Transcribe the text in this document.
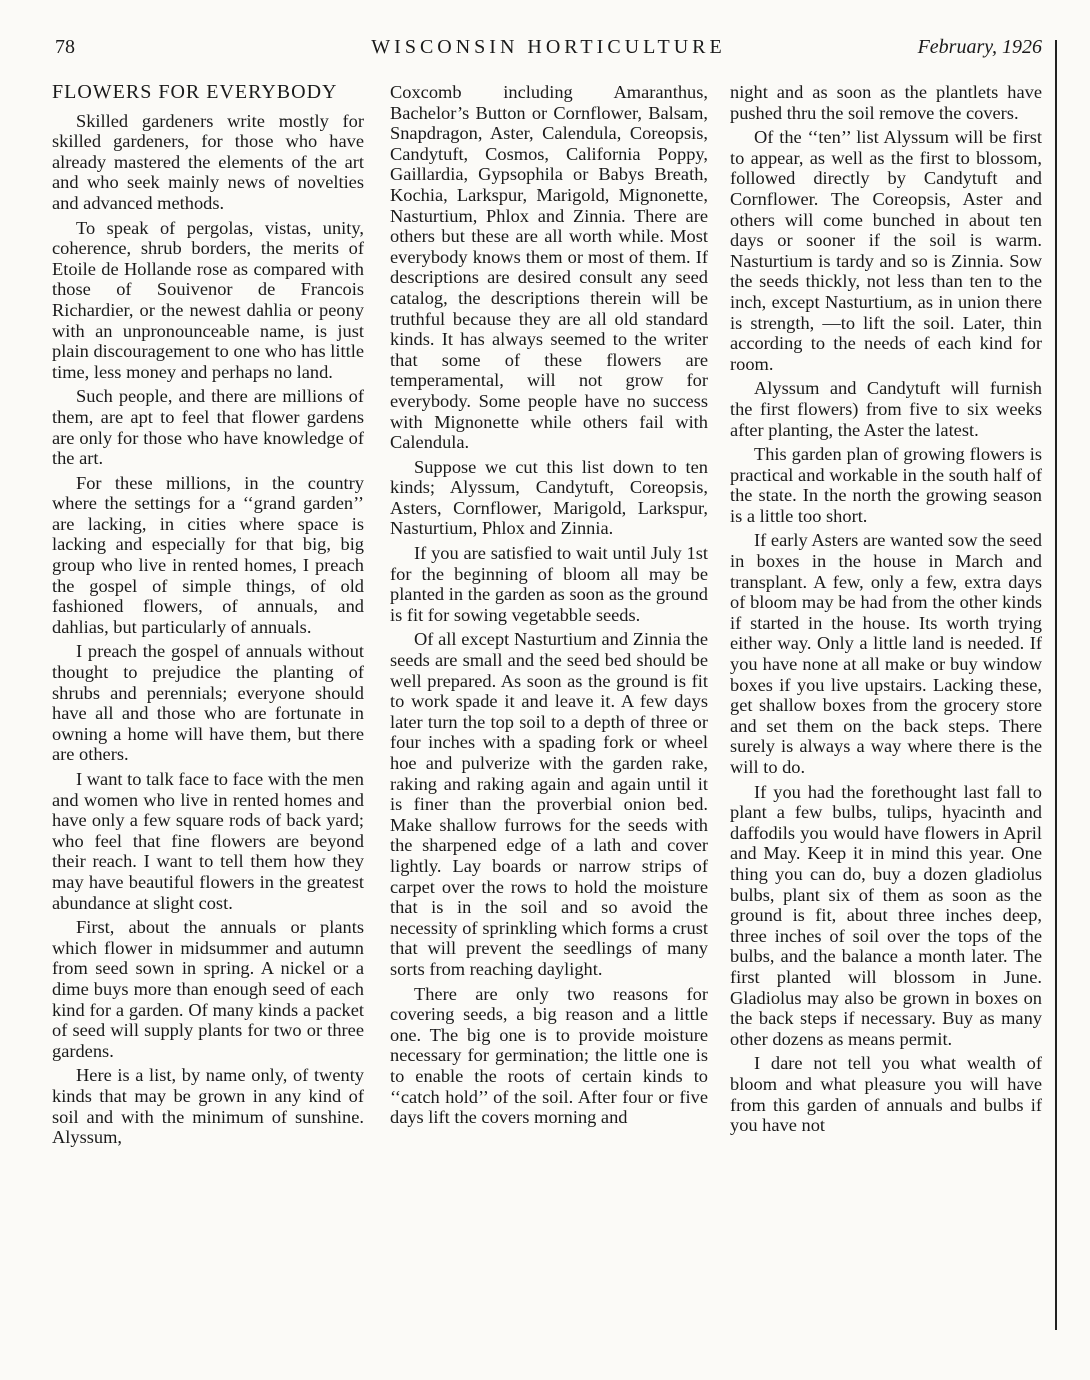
78	WISCONSIN HORTICULTURE	February, 1926
FLOWERS FOR EVERYBODY

Skilled gardeners write mostly for skilled gardeners, for those who have already mastered the elements of the art and who seek mainly news of novelties and advanced methods.

To speak of pergolas, vistas, unity, coherence, shrub borders, the merits of Etoile de Hollande rose as compared with those of Souivenor de Francois Richardier, or the newest dahlia or peony with an unpronounceable name, is just plain discouragement to one who has little time, less money and perhaps no land.

Such people, and there are millions of them, are apt to feel that flower gardens are only for those who have knowledge of the art.

For these millions, in the country where the settings for a ‘‘grand garden’’ are lacking, in cities where space is lacking and especially for that big, big group who live in rented homes, I preach the gospel of simple things, of old fashioned flowers, of annuals, and dahlias, but particularly of annuals.

I preach the gospel of annuals without thought to prejudice the planting of shrubs and perennials; everyone should have all and those who are fortunate in owning a home will have them, but there are others.

I want to talk face to face with the men and women who live in rented homes and have only a few square rods of back yard; who feel that fine flowers are beyond their reach. I want to tell them how they may have beautiful flowers in the greatest abundance at slight cost.

First, about the annuals or plants which flower in midsummer and autumn from seed sown in spring. A nickel or a dime buys more than enough seed of each kind for a garden. Of many kinds a packet of seed will supply plants for two or three gardens.

Here is a list, by name only, of twenty kinds that may be grown in any kind of soil and with the minimum of sunshine. Alyssum,

Coxcomb including Amaranthus, Bachelor’s Button or Cornflower, Balsam, Snapdragon, Aster, Calendula, Coreopsis, Candytuft, Cosmos, California Poppy, Gaillardia, Gypsophila or Babys Breath, Kochia, Larkspur, Marigold, Mignonette, Nasturtium, Phlox and Zinnia. There are others but these are all worth while. Most everybody knows them or most of them. If descriptions are desired consult any seed catalog, the descriptions therein will be truthful because they are all old standard kinds. It has always seemed to the writer that some of these flowers are temperamental, will not grow for everybody. Some people have no success with Mignonette while others fail with Calendula.

Suppose we cut this list down to ten kinds; Alyssum, Candytuft, Coreopsis, Asters, Cornflower, Marigold, Larkspur, Nasturtium, Phlox and Zinnia.

If you are satisfied to wait until July 1st for the beginning of bloom all may be planted in the garden as soon as the ground is fit for sowing vegetabble seeds.

Of all except Nasturtium and Zinnia the seeds are small and the seed bed should be well prepared. As soon as the ground is fit to work spade it and leave it. A few days later turn the top soil to a depth of three or four inches with a spading fork or wheel hoe and pulverize with the garden rake, raking and raking again and again until it is finer than the proverbial onion bed. Make shallow furrows for the seeds with the sharpened edge of a lath and cover lightly. Lay boards or narrow strips of carpet over the rows to hold the moisture that is in the soil and so avoid the necessity of sprinkling which forms a crust that will prevent the seedlings of many sorts from reaching daylight.

There are only two reasons for covering seeds, a big reason and a little one. The big one is to provide moisture necessary for germination; the little one is to enable the roots of certain kinds to ‘‘catch hold’’ of the soil. After four or five days lift the covers morning and

night and as soon as the plantlets have pushed thru the soil remove the covers.

Of the ‘‘ten’’ list Alyssum will be first to appear, as well as the first to blossom, followed directly by Candytuft and Cornflower. The Coreopsis, Aster and others will come bunched in about ten days or sooner if the soil is warm. Nasturtium is tardy and so is Zinnia. Sow the seeds thickly, not less than ten to the inch, except Nasturtium, as in union there is strength, —to lift the soil. Later, thin according to the needs of each kind for room.

Alyssum and Candytuft will furnish the first flowers) from five to six weeks after planting, the Aster the latest.

This garden plan of growing flowers is practical and workable in the south half of the state. In the north the growing season is a little too short.

If early Asters are wanted sow the seed in boxes in the house in March and transplant. A few, only a few, extra days of bloom may be had from the other kinds if started in the house. Its worth trying either way. Only a little land is needed. If you have none at all make or buy window boxes if you live upstairs. Lacking these, get shallow boxes from the grocery store and set them on the back steps. There surely is always a way where there is the will to do.

If you had the forethought last fall to plant a few bulbs, tulips, hyacinth and daffodils you would have flowers in April and May. Keep it in mind this year. One thing you can do, buy a dozen gladiolus bulbs, plant six of them as soon as the ground is fit, about three inches deep, three inches of soil over the tops of the bulbs, and the balance a month later. The first planted will blossom in June. Gladiolus may also be grown in boxes on the back steps if necessary. Buy as many other dozens as means permit.

I dare not tell you what wealth of bloom and what pleasure you will have from this garden of annuals and bulbs if you have not
